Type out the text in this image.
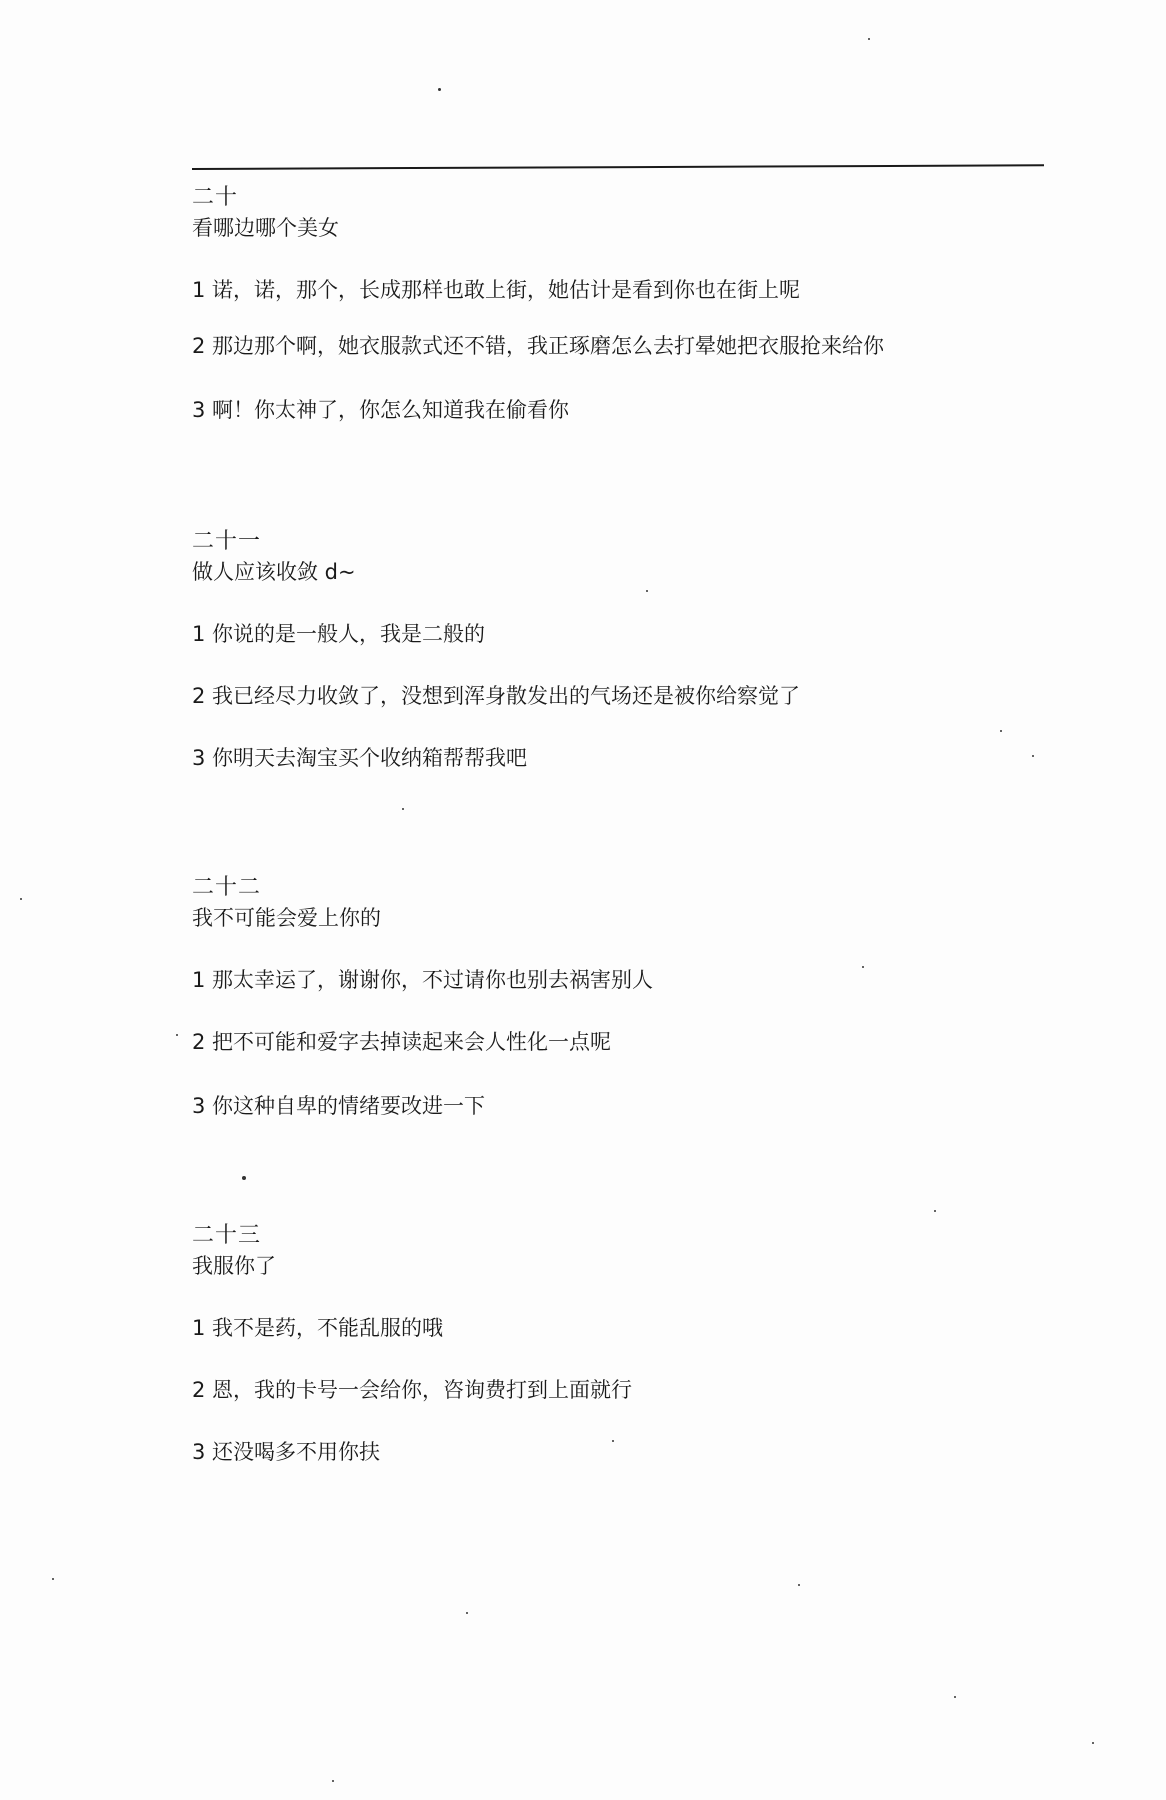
二十

看哪边哪个美女

1 诺，诺，那个，长成那样也敢上街，她估计是看到你也在街上呢
2 那边那个啊，她衣服款式还不错，我正琢磨怎么去打晕她把衣服抢来给你
3 啊！你太神了，你怎么知道我在偷看你

二十一

做人应该收敛 d~

1 你说的是一般人，我是二般的
2 我已经尽力收敛了，没想到浑身散发出的气场还是被你给察觉了
3 你明天去淘宝买个收纳箱帮帮我吧

二十二

我不可能会爱上你的

1 那太幸运了，谢谢你，不过请你也别去祸害别人
2 把不可能和爱字去掉读起来会人性化一点呢
3 你这种自卑的情绪要改进一下

二十三

我服你了

1 我不是药，不能乱服的哦
2 恩，我的卡号一会给你，咨询费打到上面就行
3 还没喝多不用你扶
